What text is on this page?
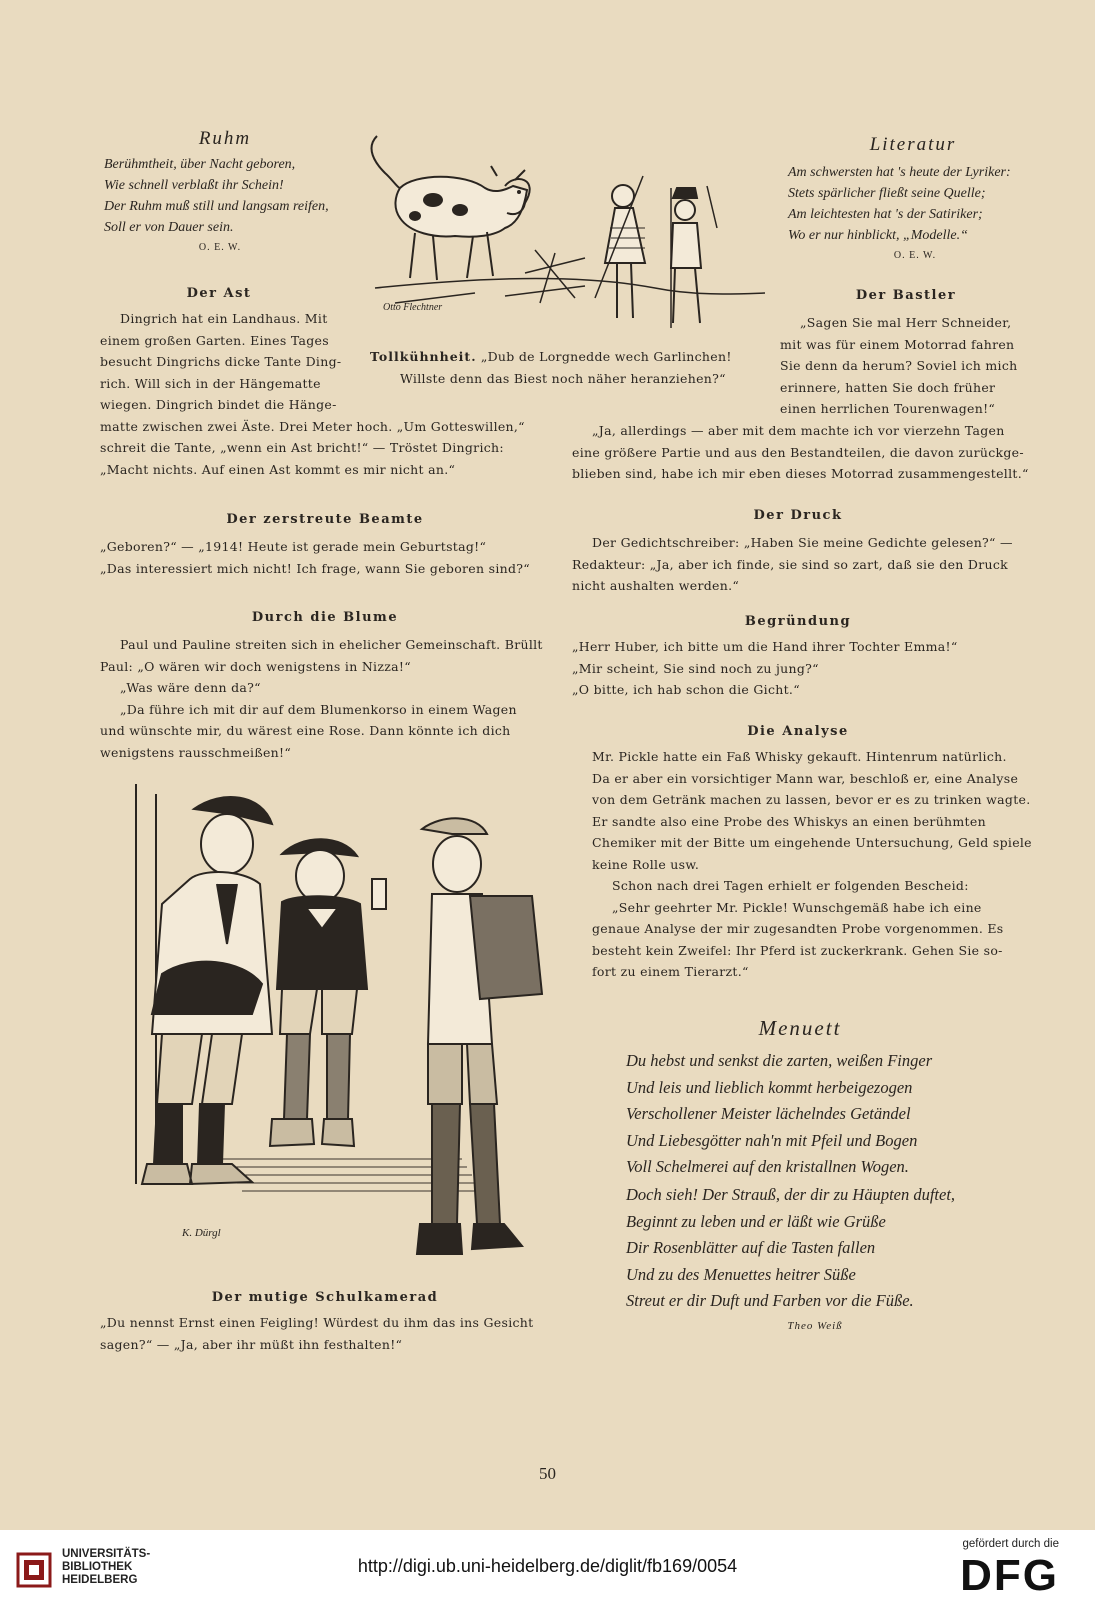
Ruhm
Berühmtheit, über Nacht geboren,
Wie schnell verblaßt ihr Schein!
Der Ruhm muß still und langsam reifen,
Soll er von Dauer sein.
O. E. W.
Literatur
Am schwersten hat 's heute der Lyriker:
Stets spärlicher fließt seine Quelle;
Am leichtesten hat 's der Satiriker;
Wo er nur hinblickt, „Modelle.“
O. E. W.
Otto Flechtner
Der Ast
Dingrich hat ein Landhaus. Mit
einem großen Garten. Eines Tages
besucht Dingrichs dicke Tante Ding-
rich. Will sich in der Hängematte
wiegen. Dingrich bindet die Hänge-
matte zwischen zwei Äste. Drei Meter hoch. „Um Gotteswillen,“
schreit die Tante, „wenn ein Ast bricht!“ — Tröstet Dingrich:
„Macht nichts. Auf einen Ast kommt es mir nicht an.“
Tollkühnheit. „Dub de Lorgnedde wech Garlinchen!
Willste denn das Biest noch näher heranziehen?“
Der Bastler
„Sagen Sie mal Herr Schneider,
mit was für einem Motorrad fahren
Sie denn da herum? Soviel ich mich
erinnere, hatten Sie doch früher
einen herrlichen Tourenwagen!“
„Ja, allerdings — aber mit dem machte ich vor vierzehn Tagen
eine größere Partie und aus den Bestandteilen, die davon zurückge-
blieben sind, habe ich mir eben dieses Motorrad zusammengestellt.“
Der zerstreute Beamte
„Geboren?“ — „1914! Heute ist gerade mein Geburtstag!“
„Das interessiert mich nicht! Ich frage, wann Sie geboren sind?“
Der Druck
Der Gedichtschreiber: „Haben Sie meine Gedichte gelesen?“ —
Redakteur: „Ja, aber ich finde, sie sind so zart, daß sie den Druck
nicht aushalten werden.“
Durch die Blume
Paul und Pauline streiten sich in ehelicher Gemeinschaft. Brüllt
Paul: „O wären wir doch wenigstens in Nizza!“
„Was wäre denn da?“
„Da führe ich mit dir auf dem Blumenkorso in einem Wagen
und wünschte mir, du wärest eine Rose. Dann könnte ich dich
wenigstens rausschmeißen!“
Begründung
„Herr Huber, ich bitte um die Hand ihrer Tochter Emma!“
„Mir scheint, Sie sind noch zu jung?“
„O bitte, ich hab schon die Gicht.“
Die Analyse
Mr. Pickle hatte ein Faß Whisky gekauft. Hintenrum natürlich.
Da er aber ein vorsichtiger Mann war, beschloß er, eine Analyse
von dem Getränk machen zu lassen, bevor er es zu trinken wagte.
Er sandte also eine Probe des Whiskys an einen berühmten
Chemiker mit der Bitte um eingehende Untersuchung, Geld spiele
keine Rolle usw.
Schon nach drei Tagen erhielt er folgenden Bescheid:
„Sehr geehrter Mr. Pickle! Wunschgemäß habe ich eine
genaue Analyse der mir zugesandten Probe vorgenommen. Es
besteht kein Zweifel: Ihr Pferd ist zuckerkrank. Gehen Sie so-
fort zu einem Tierarzt.“
K. Dürgl
Der mutige Schulkamerad
„Du nennst Ernst einen Feigling! Würdest du ihm das ins Gesicht
sagen?“ — „Ja, aber ihr müßt ihn festhalten!“
Menuett
Du hebst und senkst die zarten, weißen Finger
Und leis und lieblich kommt herbeigezogen
Verschollener Meister lächelndes Getändel
Und Liebesgötter nah'n mit Pfeil und Bogen
Voll Schelmerei auf den kristallnen Wogen.
Doch sieh! Der Strauß, der dir zu Häupten duftet,
Beginnt zu leben und er läßt wie Grüße
Dir Rosenblätter auf die Tasten fallen
Und zu des Menuettes heitrer Süße
Streut er dir Duft und Farben vor die Füße.
Theo Weiß
50
UNIVERSITÄTS-
BIBLIOTHEK
HEIDELBERG
http://digi.ub.uni-heidelberg.de/diglit/fb169/0054
gefördert durch die
DFG
